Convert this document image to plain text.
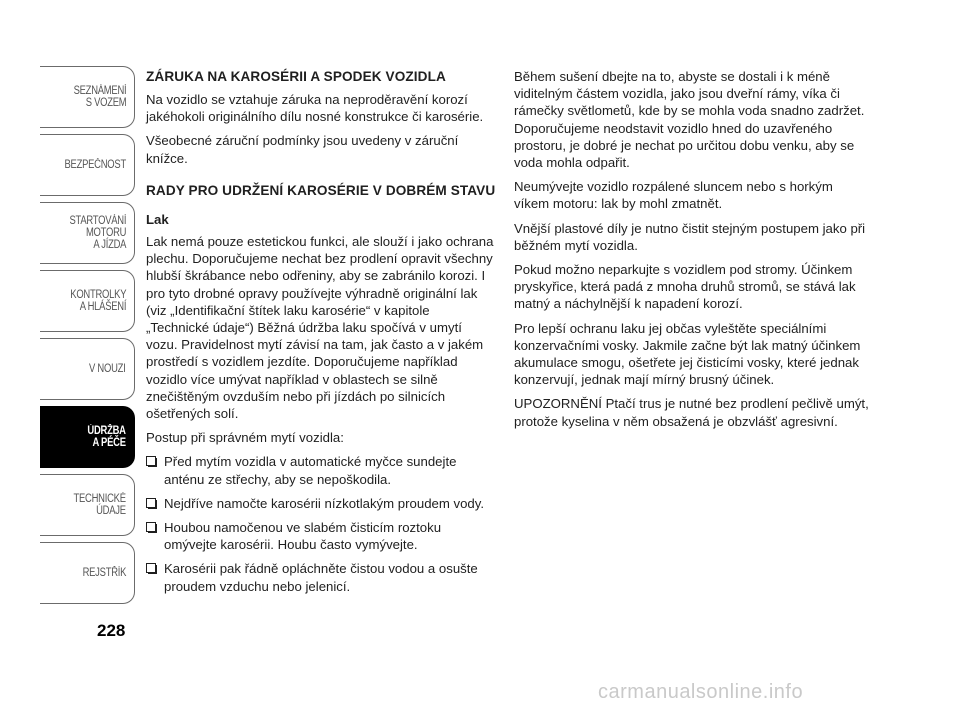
SEZNÁMENÍ
S VOZEM
BEZPEČNOST
STARTOVÁNÍ
MOTORU
A JÍZDA
KONTROLKY
A HLÁŠENÍ
V NOUZI
ÚDRŽBA
A PÉČE
TECHNICKÉ
ÚDAJE
REJSTŘÍK
228
ZÁRUKA NA KAROSÉRII A SPODEK VOZIDLA

Na vozidlo se vztahuje záruka na neproděravění korozí jakéhokoli originálního dílu nosné konstrukce či karosérie.

Všeobecné záruční podmínky jsou uvedeny v záruční knížce.

RADY PRO UDRŽENÍ KAROSÉRIE V DOBRÉM STAVU
Lak

Lak nemá pouze estetickou funkci, ale slouží i jako ochrana plechu. Doporučujeme nechat bez prodlení opravit všechny hlubší škrábance nebo odřeniny, aby se zabránilo korozi. I pro tyto drobné opravy používejte výhradně originální lak (viz „Identifikační štítek laku karosérie“ v kapitole „Technické údaje“) Běžná údržba laku spočívá v umytí vozu. Pravidelnost mytí závisí na tam, jak často a v jakém prostředí s vozidlem jezdíte. Doporučujeme například vozidlo více umývat například v oblastech se silně znečištěným ovzduším nebo při jízdách po silnicích ošetřených solí.

Postup při správném mytí vozidla:

Před mytím vozidla v automatické myčce sundejte anténu ze střechy, aby se nepoškodila.
Nejdříve namočte karosérii nízkotlakým proudem vody.
Houbou namočenou ve slabém čisticím roztoku omývejte karosérii. Houbu často vymývejte.
Karosérii pak řádně opláchněte čistou vodou a osušte proudem vzduchu nebo jelenicí.

Během sušení dbejte na to, abyste se dostali i k méně viditelným částem vozidla, jako jsou dveřní rámy, víka či rámečky světlometů, kde by se mohla voda snadno zadržet. Doporučujeme neodstavit vozidlo hned do uzavřeného prostoru, je dobré je nechat po určitou dobu venku, aby se voda mohla odpařit.

Neumývejte vozidlo rozpálené sluncem nebo s horkým víkem motoru: lak by mohl zmatnět.

Vnější plastové díly je nutno čistit stejným postupem jako při běžném mytí vozidla.

Pokud možno neparkujte s vozidlem pod stromy. Účinkem pryskyřice, která padá z mnoha druhů stromů, se stává lak matný a náchylnější k napadení korozí.

Pro lepší ochranu laku jej občas vyleštěte speciálními konzervačními vosky. Jakmile začne být lak matný účinkem akumulace smogu, ošetřete jej čisticími vosky, které jednak konzervují, jednak mají mírný brusný účinek.

UPOZORNĚNÍ Ptačí trus je nutné bez prodlení pečlivě umýt, protože kyselina v něm obsažená je obzvlášť agresivní.

carmanualsonline.info
